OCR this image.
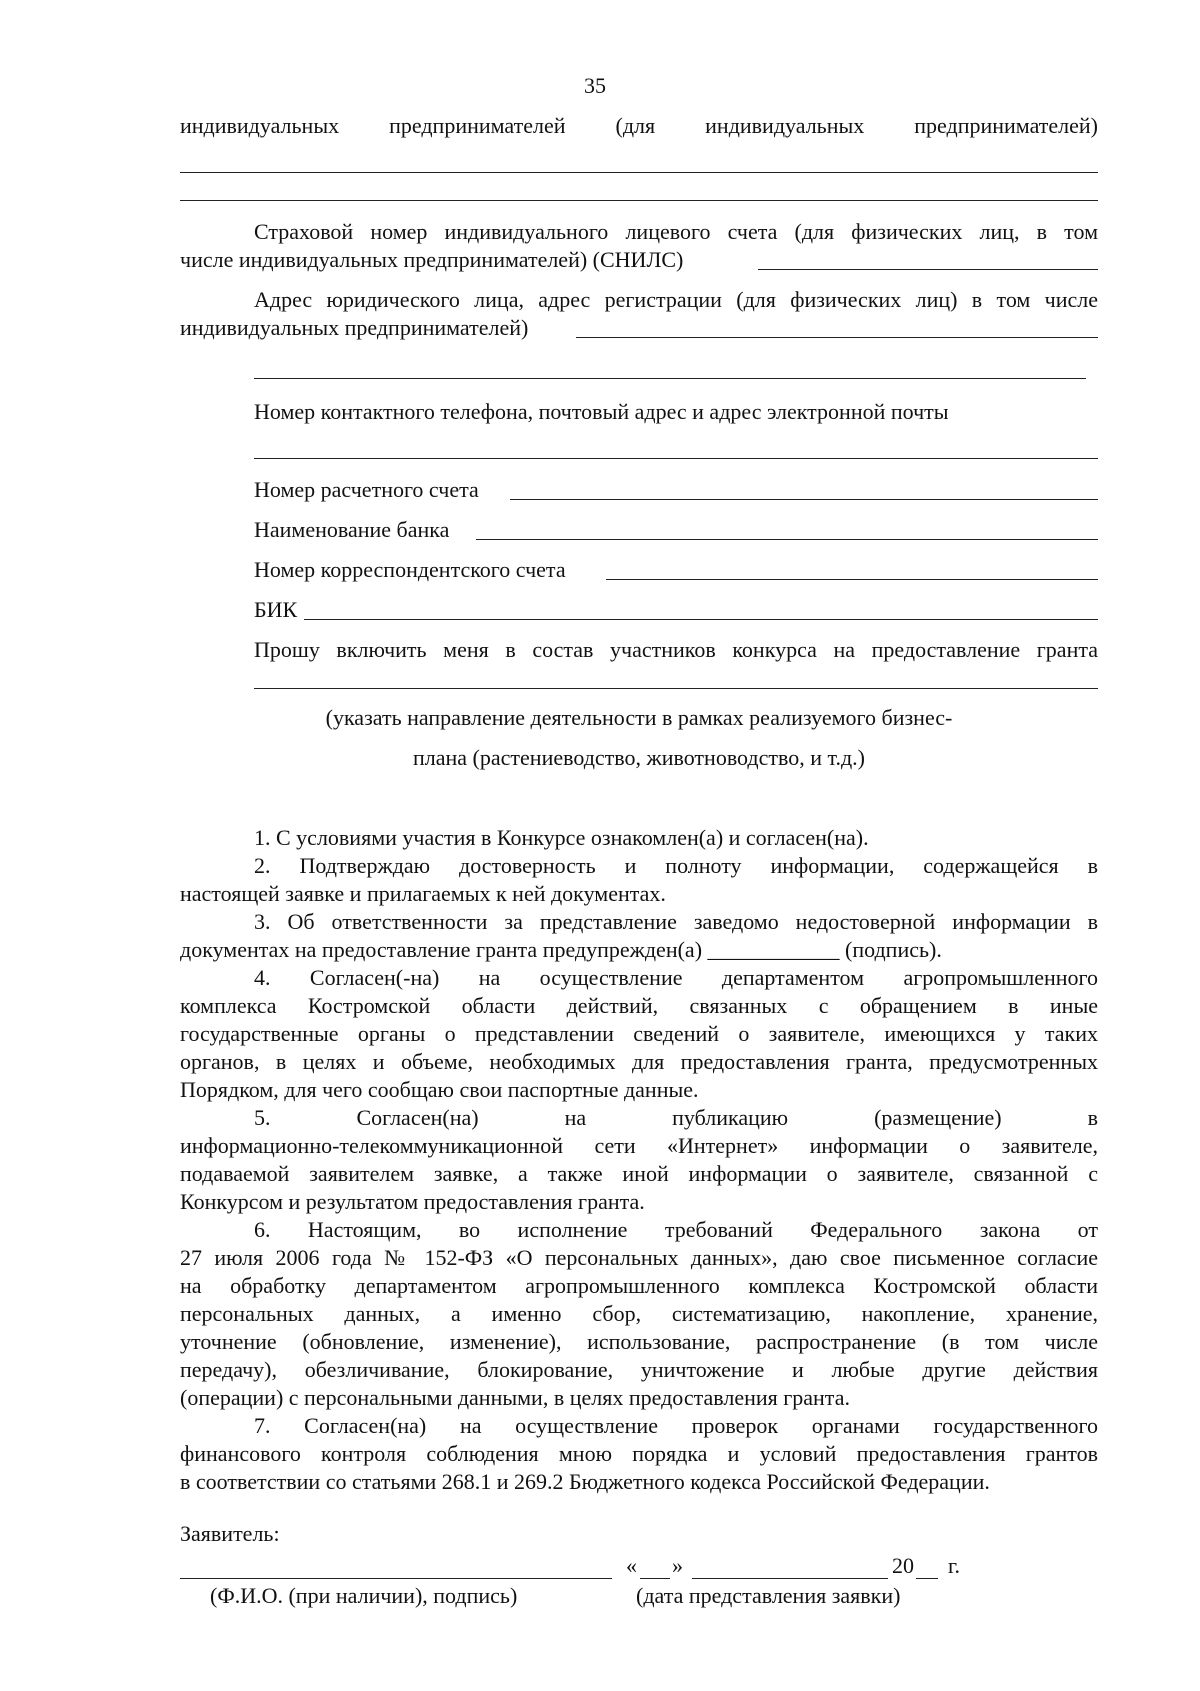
35
индивидуальных предпринимателей (для индивидуальных предпринимателей)
Страховой номер индивидуального лицевого счета (для физических лиц, в том
числе индивидуальных предпринимателей) (СНИЛС)
Адрес юридического лица, адрес регистрации (для физических лиц) в том числе
индивидуальных предпринимателей)
Номер контактного телефона, почтовый адрес и адрес электронной почты
Номер расчетного счета
Наименование банка
Номер корреспондентского счета
БИК
Прошу включить меня в состав участников конкурса на предоставление гранта
(указать направление деятельности в рамках реализуемого бизнес-
плана (растениеводство, животноводство, и т.д.)
1. С условиями участия в Конкурсе ознакомлен(а) и согласен(на).
2. Подтверждаю достоверность и полноту информации, содержащейся в
настоящей заявке и прилагаемых к ней документах.
3. Об ответственности за представление заведомо недостоверной информации в
документах на предоставление гранта предупрежден(а) ____________ (подпись).
4. Согласен(-на) на осуществление департаментом агропромышленного
комплекса Костромской области действий, связанных с обращением в иные
государственные органы о представлении сведений о заявителе, имеющихся у таких
органов, в целях и объеме, необходимых для предоставления гранта, предусмотренных
Порядком, для чего сообщаю свои паспортные данные.
5. Согласен(на) на публикацию (размещение) в
информационно-телекоммуникационной сети «Интернет» информации о заявителе,
подаваемой заявителем заявке, а также иной информации о заявителе, связанной с
Конкурсом и результатом предоставления гранта.
6. Настоящим, во исполнение требований Федерального закона от
27 июля 2006 года № 152-ФЗ «О персональных данных», даю свое письменное согласие
на обработку департаментом агропромышленного комплекса Костромской области
персональных данных, а именно сбор, систематизацию, накопление, хранение,
уточнение (обновление, изменение), использование, распространение (в том числе
передачу), обезличивание, блокирование, уничтожение и любые другие действия
(операции) с персональными данными, в целях предоставления гранта.
7. Согласен(на) на осуществление проверок органами государственного
финансового контроля соблюдения мною порядка и условий предоставления грантов
в соответствии со статьями 268.1 и 269.2 Бюджетного кодекса Российской Федерации.
Заявитель:
« »	20 г.
(Ф.И.О. (при наличии), подпись)	(дата представления заявки)
